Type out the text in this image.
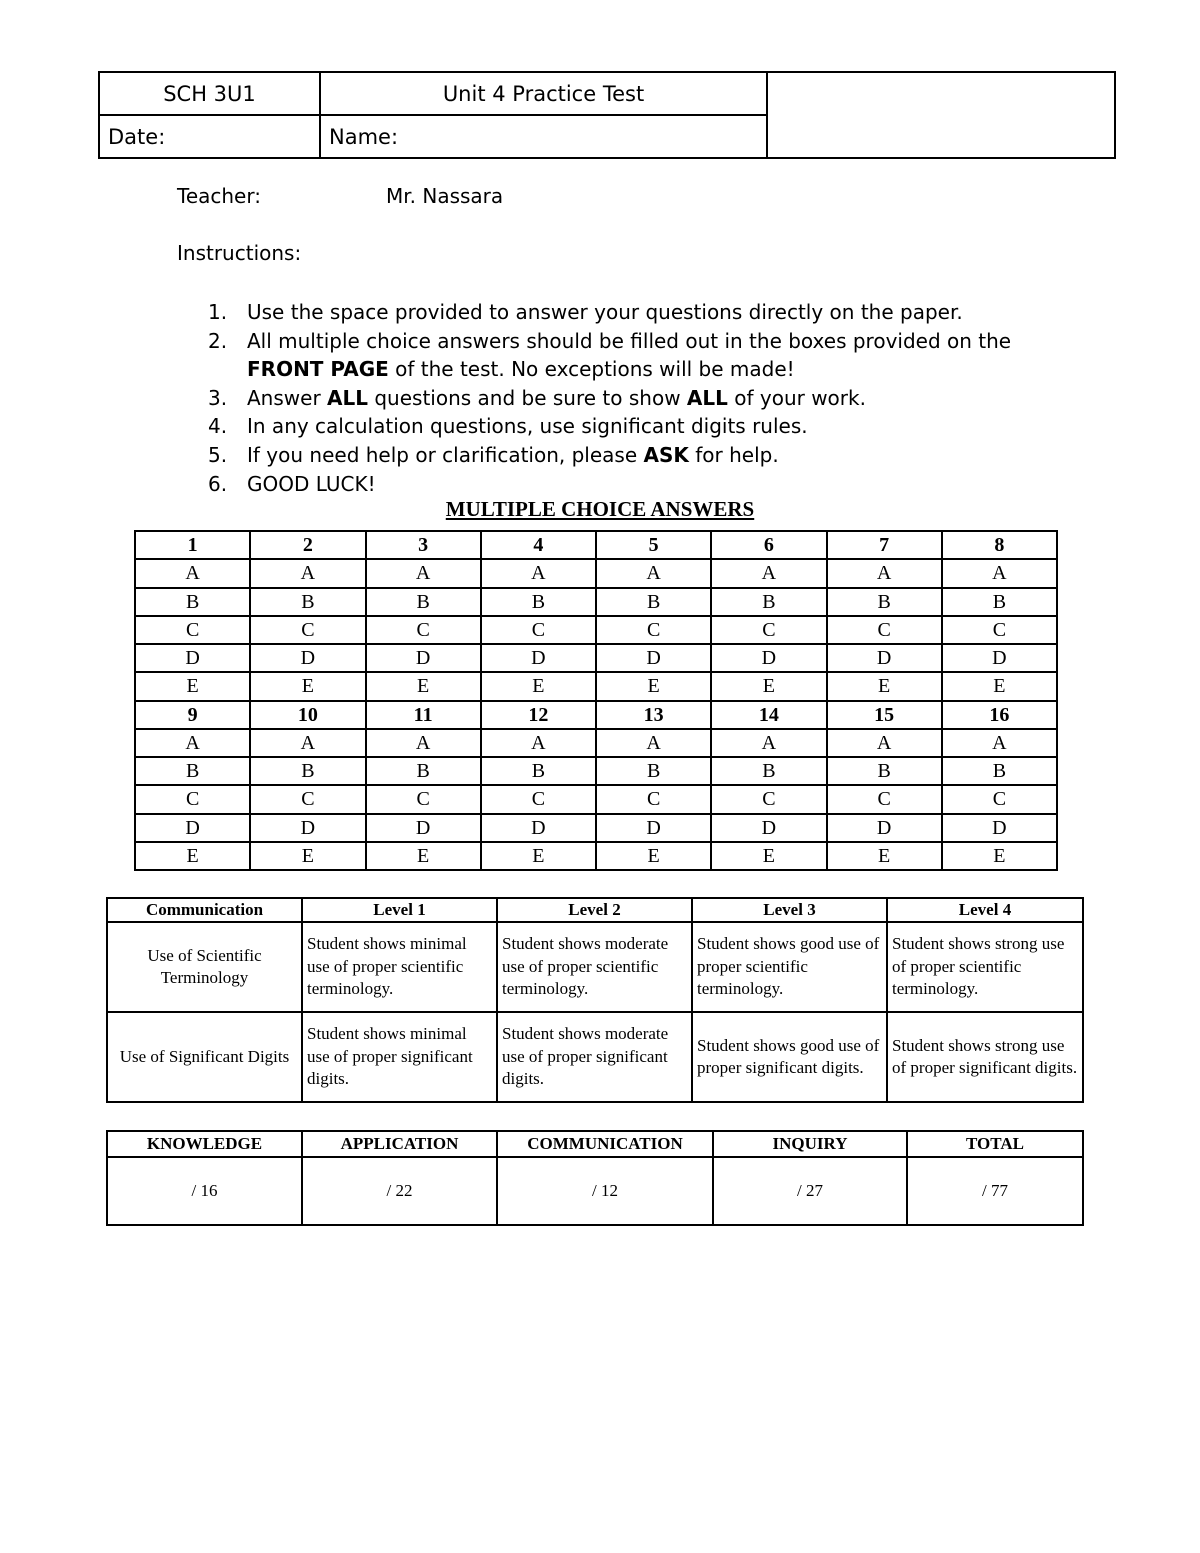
SCH 3U1	Unit 4 Practice Test	
Date:	Name:	
Teacher:	Mr. Nassara
Instructions:
1. Use the space provided to answer your questions directly on the paper.
2. All multiple choice answers should be filled out in the boxes provided on the FRONT PAGE of the test. No exceptions will be made!
3. Answer ALL questions and be sure to show ALL of your work.
4. In any calculation questions, use significant digits rules.
5. If you need help or clarification, please ASK for help.
6. GOOD LUCK!
MULTIPLE CHOICE ANSWERS
1	2	3	4	5	6	7	8
A	A	A	A	A	A	A	A
B	B	B	B	B	B	B	B
C	C	C	C	C	C	C	C
D	D	D	D	D	D	D	D
E	E	E	E	E	E	E	E
9	10	11	12	13	14	15	16
A	A	A	A	A	A	A	A
B	B	B	B	B	B	B	B
C	C	C	C	C	C	C	C
D	D	D	D	D	D	D	D
E	E	E	E	E	E	E	E
Communication	Level 1	Level 2	Level 3	Level 4
Use of Scientific Terminology	Student shows minimal use of proper scientific terminology.	Student shows moderate use of proper scientific terminology.	Student shows good use of proper scientific terminology.	Student shows strong use of proper scientific terminology.
Use of Significant Digits	Student shows minimal use of proper significant digits.	Student shows moderate use of proper significant digits.	Student shows good use of proper significant digits.	Student shows strong use of proper significant digits.
KNOWLEDGE	APPLICATION	COMMUNICATION	INQUIRY	TOTAL
/ 16	/ 22	/ 12	/ 27	/ 77
